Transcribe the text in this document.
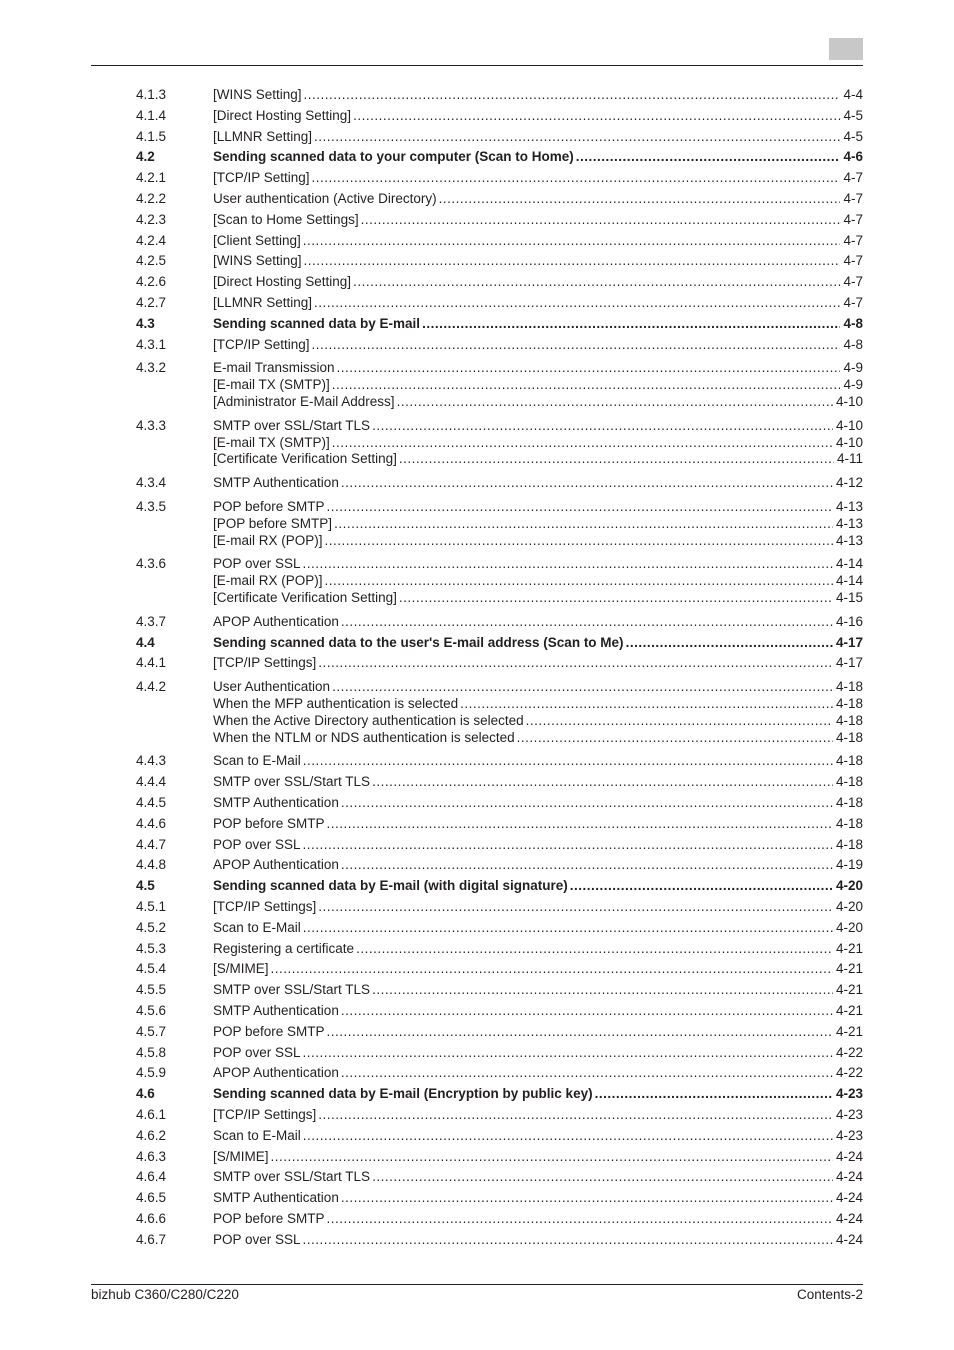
4.1.3	[WINS Setting] .....	4-4
4.1.4	[Direct Hosting Setting] .....	4-5
4.1.5	[LLMNR Setting] .....	4-5
4.2	Sending scanned data to your computer (Scan to Home) .....	4-6
4.2.1	[TCP/IP Setting] .....	4-7
4.2.2	User authentication (Active Directory) .....	4-7
4.2.3	[Scan to Home Settings] .....	4-7
4.2.4	[Client Setting] .....	4-7
4.2.5	[WINS Setting] .....	4-7
4.2.6	[Direct Hosting Setting] .....	4-7
4.2.7	[LLMNR Setting] .....	4-7
4.3	Sending scanned data by E-mail .....	4-8
4.3.1	[TCP/IP Setting] .....	4-8
4.3.2	E-mail Transmission .....	4-9
[E-mail TX (SMTP)] .....	4-9
[Administrator E-Mail Address] .....	4-10
4.3.3	SMTP over SSL/Start TLS .....	4-10
[E-mail TX (SMTP)] .....	4-10
[Certificate Verification Setting] .....	4-11
4.3.4	SMTP Authentication .....	4-12
4.3.5	POP before SMTP .....	4-13
[POP before SMTP] .....	4-13
[E-mail RX (POP)] .....	4-13
4.3.6	POP over SSL .....	4-14
[E-mail RX (POP)] .....	4-14
[Certificate Verification Setting] .....	4-15
4.3.7	APOP Authentication .....	4-16
4.4	Sending scanned data to the user's E-mail address (Scan to Me) .....	4-17
4.4.1	[TCP/IP Settings] .....	4-17
4.4.2	User Authentication .....	4-18
When the MFP authentication is selected .....	4-18
When the Active Directory authentication is selected .....	4-18
When the NTLM or NDS authentication is selected .....	4-18
4.4.3	Scan to E-Mail .....	4-18
4.4.4	SMTP over SSL/Start TLS .....	4-18
4.4.5	SMTP Authentication .....	4-18
4.4.6	POP before SMTP .....	4-18
4.4.7	POP over SSL .....	4-18
4.4.8	APOP Authentication .....	4-19
4.5	Sending scanned data by E-mail (with digital signature) .....	4-20
4.5.1	[TCP/IP Settings] .....	4-20
4.5.2	Scan to E-Mail .....	4-20
4.5.3	Registering a certificate .....	4-21
4.5.4	[S/MIME] .....	4-21
4.5.5	SMTP over SSL/Start TLS .....	4-21
4.5.6	SMTP Authentication .....	4-21
4.5.7	POP before SMTP .....	4-21
4.5.8	POP over SSL .....	4-22
4.5.9	APOP Authentication .....	4-22
4.6	Sending scanned data by E-mail (Encryption by public key) .....	4-23
4.6.1	[TCP/IP Settings] .....	4-23
4.6.2	Scan to E-Mail .....	4-23
4.6.3	[S/MIME] .....	4-24
4.6.4	SMTP over SSL/Start TLS .....	4-24
4.6.5	SMTP Authentication .....	4-24
4.6.6	POP before SMTP .....	4-24
4.6.7	POP over SSL .....	4-24
bizhub C360/C280/C220	Contents-2
